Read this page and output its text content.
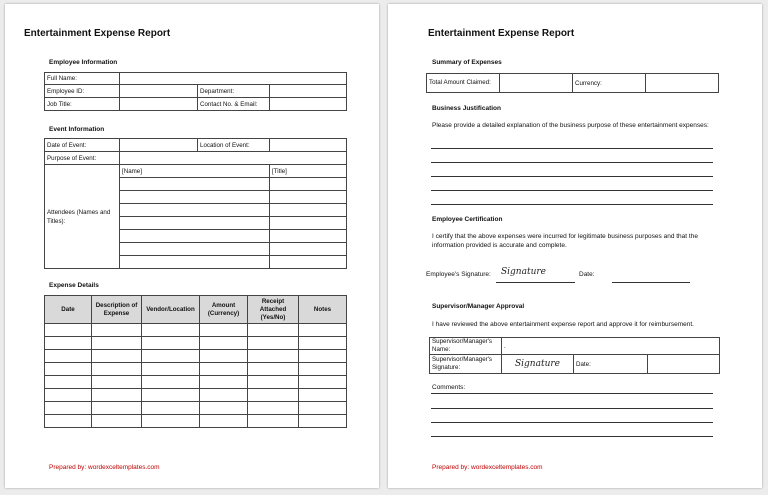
Entertainment Expense Report
Employee Information
Full Name:			
Employee ID:		Department:	
Job Title:		Contact No. & Email:	
Event Information
Date of Event:		Location of Event:	
Purpose of Event:			
Attendees (Names and Titles):	[Name]		[Title]

Expense Details
Date	Description of Expense	Vendor/Location	Amount (Currency)	Receipt Attached (Yes/No)	Notes

Prepared by: wordexceltemplates.com
Entertainment Expense Report
Summary of Expenses
Total Amount Claimed:		Currency:	
Business Justification
Please provide a detailed explanation of the business purpose of these entertainment expenses:
Employee Certification
I certify that the above expenses were incurred for legitimate business purposes and that the information provided is accurate and complete.
Employee's Signature: Signature	Date:
Supervisor/Manager Approval
I have reviewed the above entertainment expense report and approve it for reimbursement.
Supervisor/Manager's Name:	.		
Supervisor/Manager's Signature:	Signature	Date:	
Comments:
Prepared by: wordexceltemplates.com
